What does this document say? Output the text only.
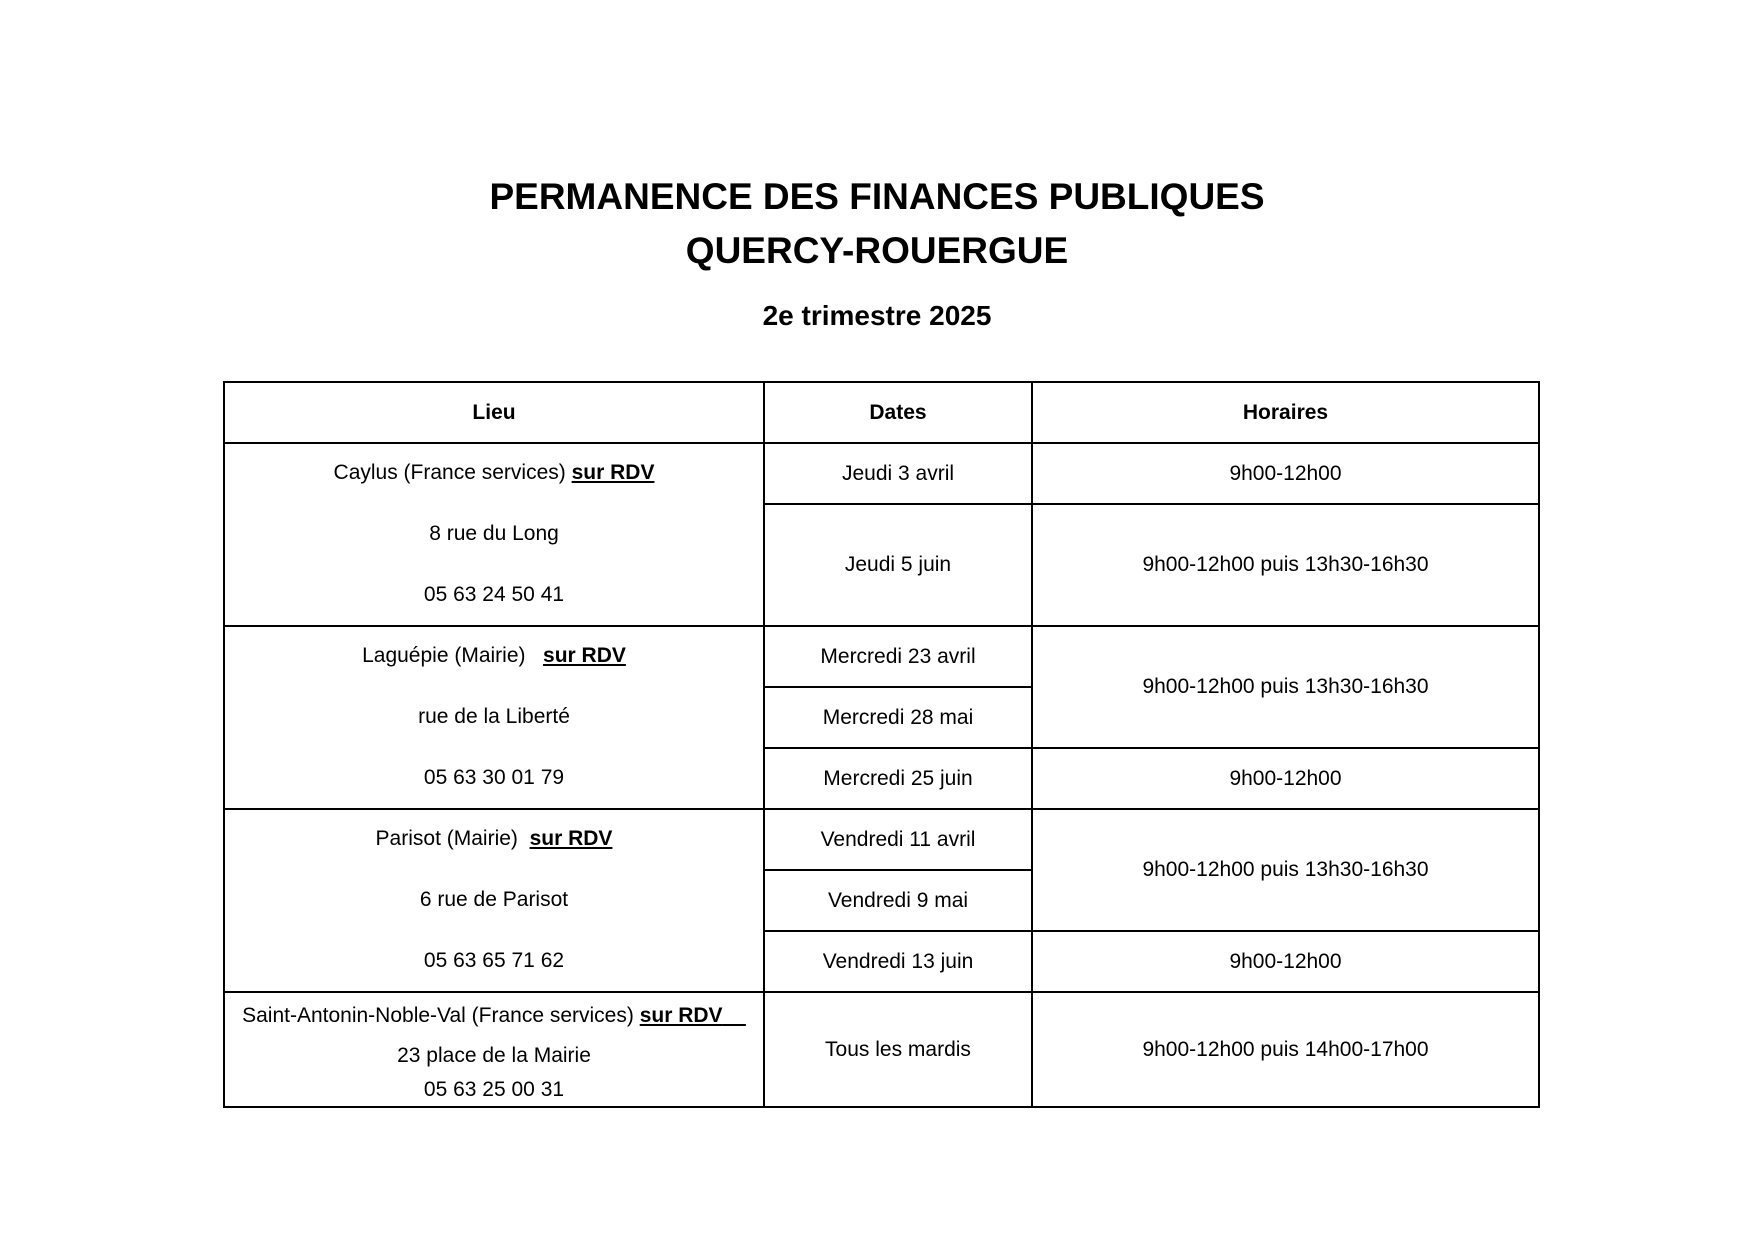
PERMANENCE DES FINANCES PUBLIQUES
QUERCY-ROUERGUE
2e trimestre 2025
Lieu	Dates	Horaires

Caylus (France services) sur RDV
8 rue du Long
05 63 24 50 41	Jeudi 3 avril	9h00-12h00
	Jeudi 5 juin	9h00-12h00 puis 13h30-16h30

Laguépie (Mairie) sur RDV
rue de la Liberté
05 63 30 01 79	Mercredi 23 avril	9h00-12h00 puis 13h30-16h30
	Mercredi 28 mai	
	Mercredi 25 juin	9h00-12h00

Parisot (Mairie) sur RDV
6 rue de Parisot
05 63 65 71 62	Vendredi 11 avril	9h00-12h00 puis 13h30-16h30
	Vendredi 9 mai	
	Vendredi 13 juin	9h00-12h00

Saint-Antonin-Noble-Val (France services) sur RDV
23 place de la Mairie
05 63 25 00 31	Tous les mardis	9h00-12h00 puis 14h00-17h00
